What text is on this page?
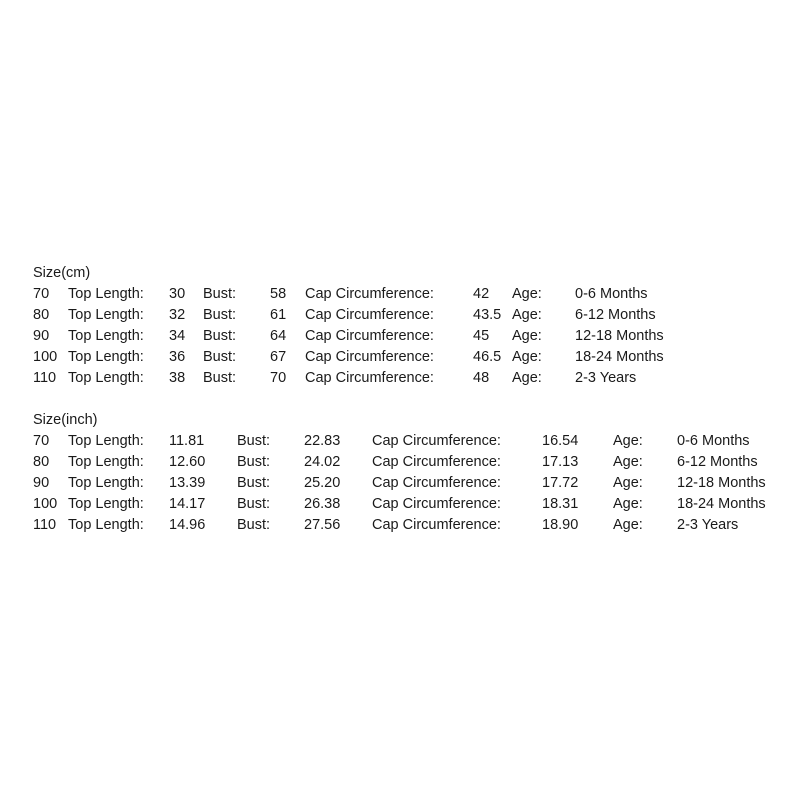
Size(cm)
70 Top Length: 30 Bust: 58 Cap Circumference:	42 Age: 0-6 Months
80 Top Length: 32 Bust: 61 Cap Circumference:	43.5 Age: 6-12 Months
90 Top Length: 34 Bust: 64 Cap Circumference:	45 Age: 12-18 Months
100 Top Length: 36 Bust: 67 Cap Circumference:	46.5 Age: 18-24 Months
110 Top Length: 38 Bust: 70 Cap Circumference:	48 Age: 2-3 Years
Size(inch)
70 Top Length: 11.81 Bust: 22.83 Cap Circumference:	16.54 Age: 0-6 Months
80 Top Length: 12.60 Bust: 24.02 Cap Circumference:	17.13 Age: 6-12 Months
90 Top Length: 13.39 Bust: 25.20 Cap Circumference:	17.72 Age: 12-18 Months
100 Top Length: 14.17 Bust: 26.38 Cap Circumference:	18.31 Age: 18-24 Months
110 Top Length: 14.96 Bust: 27.56 Cap Circumference:	18.90 Age: 2-3 Years
